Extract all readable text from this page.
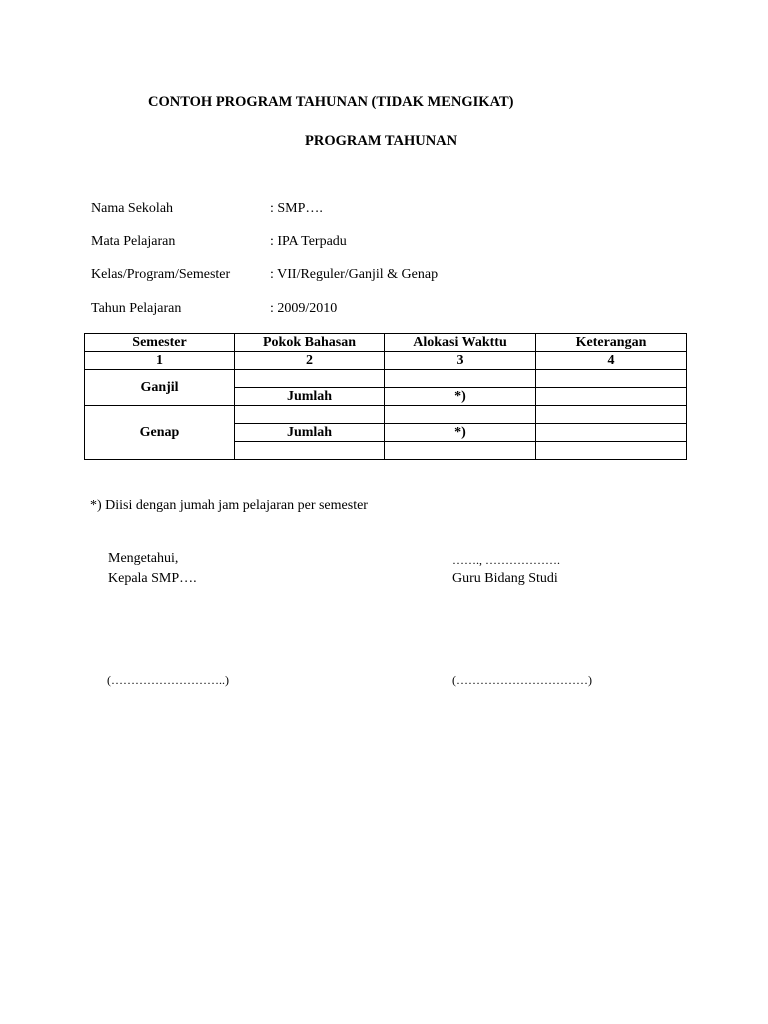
CONTOH PROGRAM TAHUNAN (TIDAK MENGIKAT)
PROGRAM TAHUNAN
Nama Sekolah	: SMP….
Mata Pelajaran	: IPA Terpadu
Kelas/Program/Semester	: VII/Reguler/Ganjil & Genap
Tahun Pelajaran	: 2009/2010
Semester	Pokok Bahasan	Alokasi Wakttu	Keterangan
1	2	3	4
Ganjil			
	Jumlah	*)	
Genap			
	Jumlah	*)	

*) Diisi dengan jumah jam pelajaran per semester
Mengetahui,
Kepala SMP….
(………………………..)
……., ……………….
Guru Bidang Studi
(……………………………)
